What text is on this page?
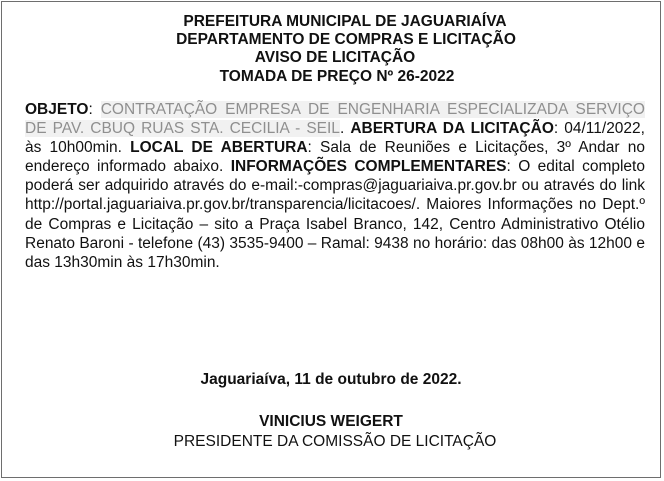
PREFEITURA MUNICIPAL DE JAGUARIAÍVA
DEPARTAMENTO DE COMPRAS E LICITAÇÃO
AVISO DE LICITAÇÃO
TOMADA DE PREÇO Nº 26-2022
OBJETO: CONTRATAÇÃO EMPRESA DE ENGENHARIA ESPECIALIZADA SERVIÇO DE PAV. CBUQ RUAS STA. CECILIA - SEIL. ABERTURA DA LICITAÇÃO: 04/11/2022, às 10h00min. LOCAL DE ABERTURA: Sala de Reuniões e Licitações, 3º Andar no endereço informado abaixo. INFORMAÇÕES COMPLEMENTARES: O edital completo poderá ser adquirido através do e-mail:-compras@jaguariaiva.pr.gov.br ou através do link http://portal.jaguariaiva.pr.gov.br/transparencia/licitacoes/. Maiores Informações no Dept.º de Compras e Licitação – sito a Praça Isabel Branco, 142, Centro Administrativo Otélio Renato Baroni - telefone (43) 3535-9400 – Ramal: 9438 no horário: das 08h00 às 12h00 e das 13h30min às 17h30min.
Jaguariaíva, 11 de outubro de 2022.
VINICIUS WEIGERT
PRESIDENTE DA COMISSÃO DE LICITAÇÃO
